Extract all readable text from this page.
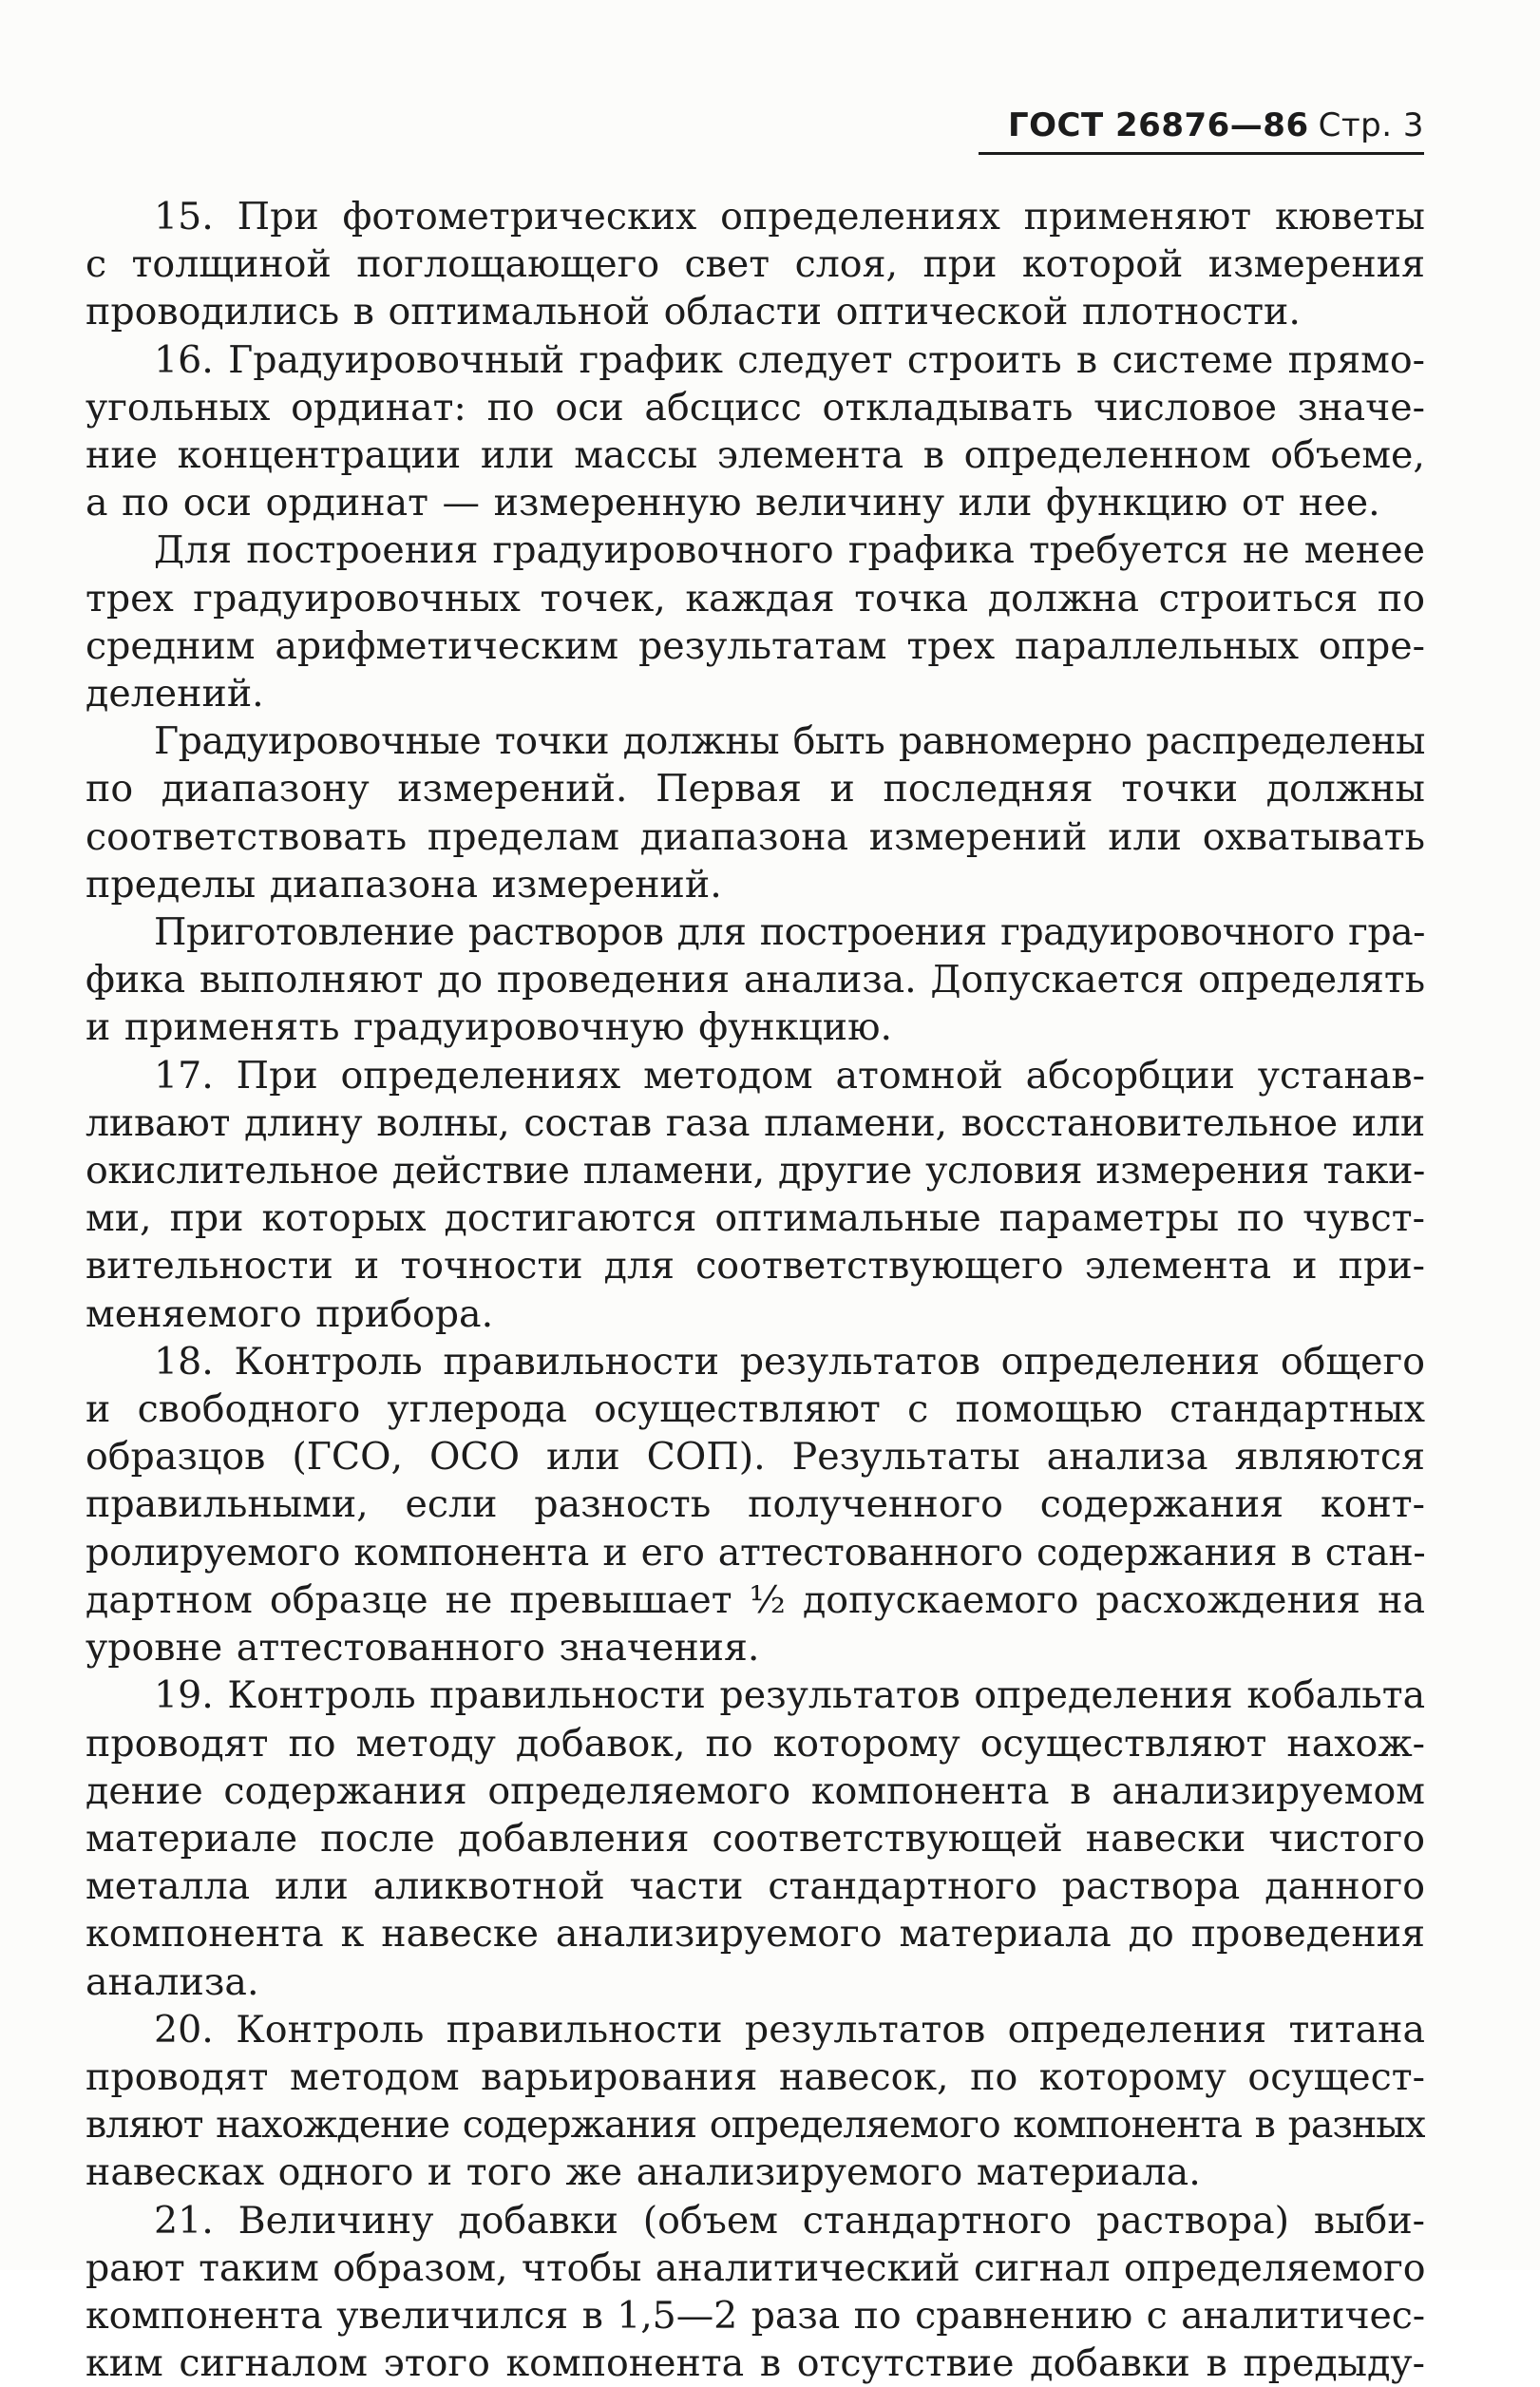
ГОСТ 26876—86 Стр. 3

15. При фотометрических определениях применяют кюветы
с толщиной поглощающего свет слоя, при которой измерения
проводились в оптимальной области оптической плотности.

16. Градуировочный график следует строить в системе прямо-
угольных ординат: по оси абсцисс откладывать числовое значе-
ние концентрации или массы элемента в определенном объеме,
а по оси ординат — измеренную величину или функцию от нее.

Для построения градуировочного графика требуется не менее
трех градуировочных точек, каждая точка должна строиться по
средним арифметическим результатам трех параллельных опре-
делений.

Градуировочные точки должны быть равномерно распределены
по диапазону измерений. Первая и последняя точки должны
соответствовать пределам диапазона измерений или охватывать
пределы диапазона измерений.

Приготовление растворов для построения градуировочного гра-
фика выполняют до проведения анализа. Допускается определять
и применять градуировочную функцию.

17. При определениях методом атомной абсорбции устанав-
ливают длину волны, состав газа пламени, восстановительное или
окислительное действие пламени, другие условия измерения таки-
ми, при которых достигаются оптимальные параметры по чувст-
вительности и точности для соответствующего элемента и при-
меняемого прибора.

18. Контроль правильности результатов определения общего
и свободного углерода осуществляют с помощью стандартных
образцов (ГСО, ОСО или СОП). Результаты анализа являются
правильными, если разность полученного содержания конт-
ролируемого компонента и его аттестованного содержания в стан-
дартном образце не превышает ½ допускаемого расхождения на
уровне аттестованного значения.

19. Контроль правильности результатов определения кобальта
проводят по методу добавок, по которому осуществляют нахож-
дение содержания определяемого компонента в анализируемом
материале после добавления соответствующей навески чистого
металла или аликвотной части стандартного раствора данного
компонента к навеске анализируемого материала до проведения
анализа.

20. Контроль правильности результатов определения титана
проводят методом варьирования навесок, по которому осущест-
вляют нахождение содержания определяемого компонента в разных
навесках одного и того же анализируемого материала.

21. Величину добавки (объем стандартного раствора) выби-
рают таким образом, чтобы аналитический сигнал определяемого
компонента увеличился в 1,5—2 раза по сравнению с аналитичес-
ким сигналом этого компонента в отсутствие добавки в предыду-
